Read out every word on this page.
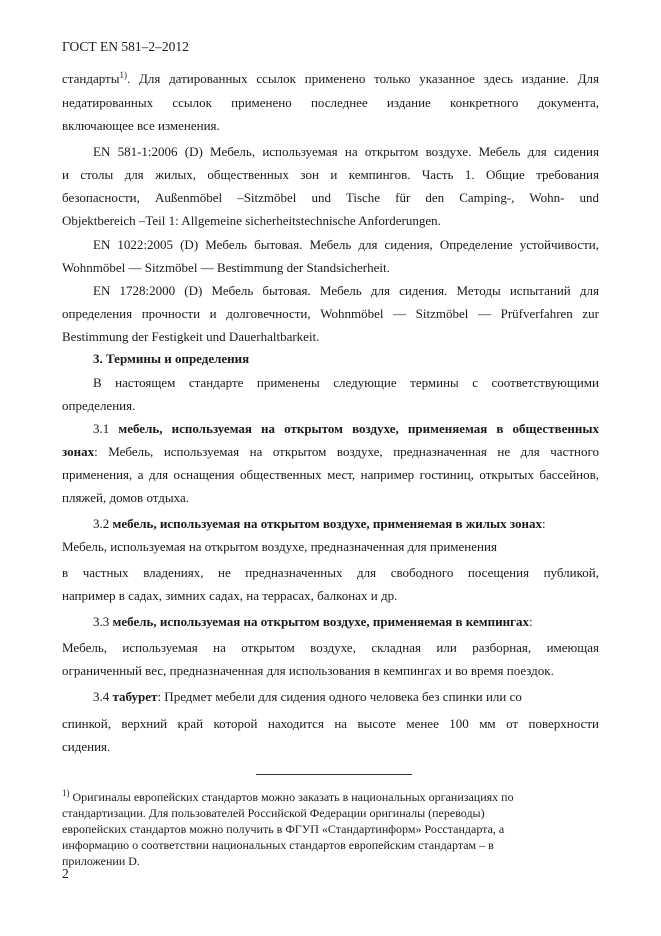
ГОСТ EN 581–2–2012
стандарты$^{1)}$. Для датированных ссылок применено только указанное здесь издание. Для
недатированных ссылок применено последнее издание конкретного документа,
включающее все изменения.
EN 581-1:2006 (D) Мебель, используемая на открытом воздухе. Мебель для сидения
и столы для жилых, общественных зон и кемпингов. Часть 1. Общие требования
безопасности, Außenmöbel –Sitzmöbel und Tische für den Camping-, Wohn- und
Objektbereich –Teil 1: Allgemeine sicherheitstechnische Anforderungen.
EN 1022:2005 (D) Мебель бытовая. Мебель для сидения, Определение устойчивости,
Wohnmöbel — Sitzmöbel — Bestimmung der Standsicherheit.
EN 1728:2000 (D) Мебель бытовая. Мебель для сидения. Методы испытаний для
определения прочности и долговечности, Wohnmöbel — Sitzmöbel — Prüfverfahren zur
Bestimmung der Festigkeit und Dauerhaltbarkeit.
3. Термины и определения
В настоящем стандарте применены следующие термины с соответствующими
определения.
3.1 мебель, используемая на открытом воздухе, применяемая в общественных
зонах: Мебель, используемая на открытом воздухе, предназначенная не для частного
применения, а для оснащения общественных мест, например гостиниц, открытых бассейнов,
пляжей, домов отдыха.
3.2 мебель, используемая на открытом воздухе, применяемая в жилых зонах:
Мебель, используемая на открытом воздухе, предназначенная для применения
в частных владениях, не предназначенных для свободного посещения публикой,
например в садах, зимних садах, на террасах, балконах и др.
3.3 мебель, используемая на открытом воздухе, применяемая в кемпингах:
Мебель, используемая на открытом воздухе, складная или разборная, имеющая
ограниченный вес, предназначенная для использования в кемпингах и во время поездок.
3.4 табурет: Предмет мебели для сидения одного человека без спинки или со
спинкой, верхний край которой находится на высоте менее 100 мм от поверхности
сидения.
$^{1)}$ Оригиналы европейских стандартов можно заказать в национальных организациях по
стандартизации. Для пользователей Российской Федерации оригиналы (переводы)
европейских стандартов можно получить в ФГУП «Стандартинформ» Росстандарта, а
информацию о соответствии национальных стандартов европейским стандартам – в
приложении D.
2
